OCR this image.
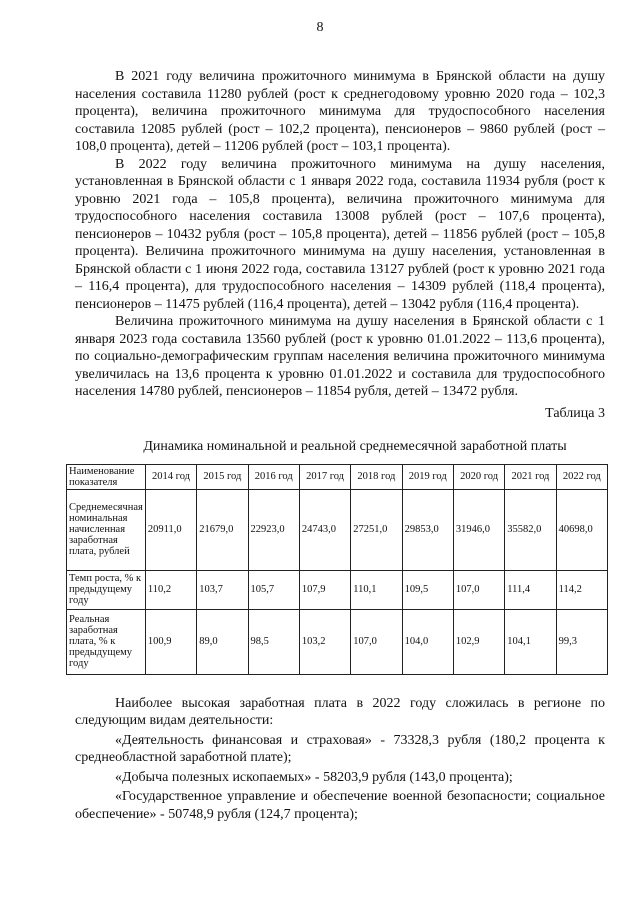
8

В 2021 году величина прожиточного минимума в Брянской области на душу населения составила 11280 рублей (рост к среднегодовому уровню 2020 года – 102,3 процента), величина прожиточного минимума для трудоспособного населения составила 12085 рублей (рост – 102,2 процента), пенсионеров – 9860 рублей (рост – 108,0 процента), детей – 11206 рублей (рост – 103,1 процента).

В 2022 году величина прожиточного минимума на душу населения, установленная в Брянской области с 1 января 2022 года, составила 11934 рубля (рост к уровню 2021 года – 105,8 процента), величина прожиточного минимума для трудоспособного населения составила 13008 рублей (рост – 107,6 процента), пенсионеров – 10432 рубля (рост – 105,8 процента), детей – 11856 рублей (рост – 105,8 процента). Величина прожиточного минимума на душу населения, установленная в Брянской области с 1 июня 2022 года, составила 13127 рублей (рост к уровню 2021 года – 116,4 процента), для трудоспособного населения – 14309 рублей (118,4 процента), пенсионеров – 11475 рублей (116,4 процента), детей – 13042 рубля (116,4 процента).

Величина прожиточного минимума на душу населения в Брянской области с 1 января 2023 года составила 13560 рублей (рост к уровню 01.01.2022 – 113,6 процента), по социально-демографическим группам населения величина прожиточного минимума увеличилась на 13,6 процента к уровню 01.01.2022 и составила для трудоспособного населения 14780 рублей, пенсионеров – 11854 рубля, детей – 13472 рубля.

Таблица 3
Динамика номинальной и реальной среднемесячной заработной платы
Наименование показателя	2014 год	2015 год	2016 год	2017 год	2018 год	2019 год	2020 год	2021 год	2022 год
Среднемесячная номинальная начисленная заработная плата, рублей	20911,0	21679,0	22923,0	24743,0	27251,0	29853,0	31946,0	35582,0	40698,0
Темп роста, % к предыдущему году	110,2	103,7	105,7	107,9	110,1	109,5	107,0	111,4	114,2
Реальная заработная плата, % к предыдущему году	100,9	89,0	98,5	103,2	107,0	104,0	102,9	104,1	99,3

Наиболее высокая заработная плата в 2022 году сложилась в регионе по следующим видам деятельности:

«Деятельность финансовая и страховая» - 73328,3 рубля (180,2 процента к среднеобластной заработной плате);

«Добыча полезных ископаемых» - 58203,9 рубля (143,0 процента);

«Государственное управление и обеспечение военной безопасности; социальное обеспечение» - 50748,9 рубля (124,7 процента);
